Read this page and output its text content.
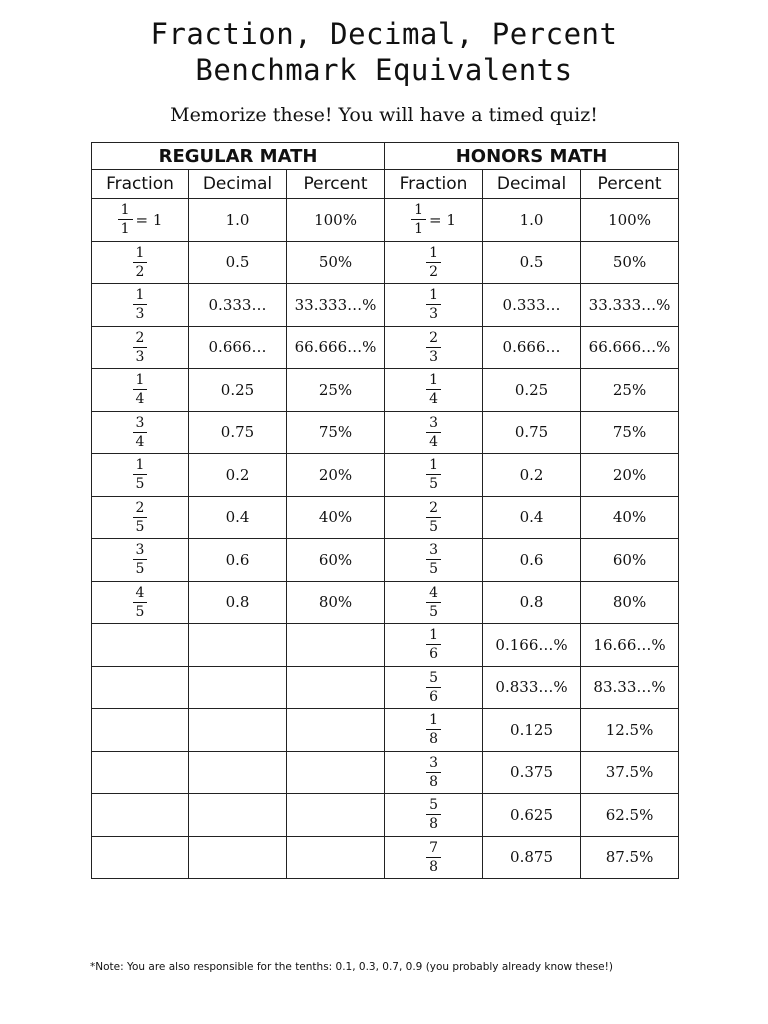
Fraction, Decimal, Percent
Benchmark Equivalents
Memorize these! You will have a timed quiz!
REGULAR MATH			HONORS MATH		
Fraction	Decimal	Percent	Fraction	Decimal	Percent

$\frac{1}{1} = 1$	1.0	100%	$\frac{1}{1} = 1$	1.0	100%

$\frac{1}{2}$	0.5	50%	$\frac{1}{2}$	0.5	50%

$\frac{1}{3}$	0.333…	33.333…%	$\frac{1}{3}$	0.333…	33.333…%

$\frac{2}{3}$	0.666…	66.666…%	$\frac{2}{3}$	0.666…	66.666…%

$\frac{1}{4}$	0.25	25%	$\frac{1}{4}$	0.25	25%

$\frac{3}{4}$	0.75	75%	$\frac{3}{4}$	0.75	75%

$\frac{1}{5}$	0.2	20%	$\frac{1}{5}$	0.2	20%

$\frac{2}{5}$	0.4	40%	$\frac{2}{5}$	0.4	40%

$\frac{3}{5}$	0.6	60%	$\frac{3}{5}$	0.6	60%

$\frac{4}{5}$	0.8	80%	$\frac{4}{5}$	0.8	80%

			$\frac{1}{6}$	0.166…%	16.66…%

			$\frac{5}{6}$	0.833…%	83.33…%

			$\frac{1}{8}$	0.125	12.5%

			$\frac{3}{8}$	0.375	37.5%

			$\frac{5}{8}$	0.625	62.5%

			$\frac{7}{8}$	0.875	87.5%
*Note: You are also responsible for the tenths: 0.1, 0.3, 0.7, 0.9 (you probably already know these!)
